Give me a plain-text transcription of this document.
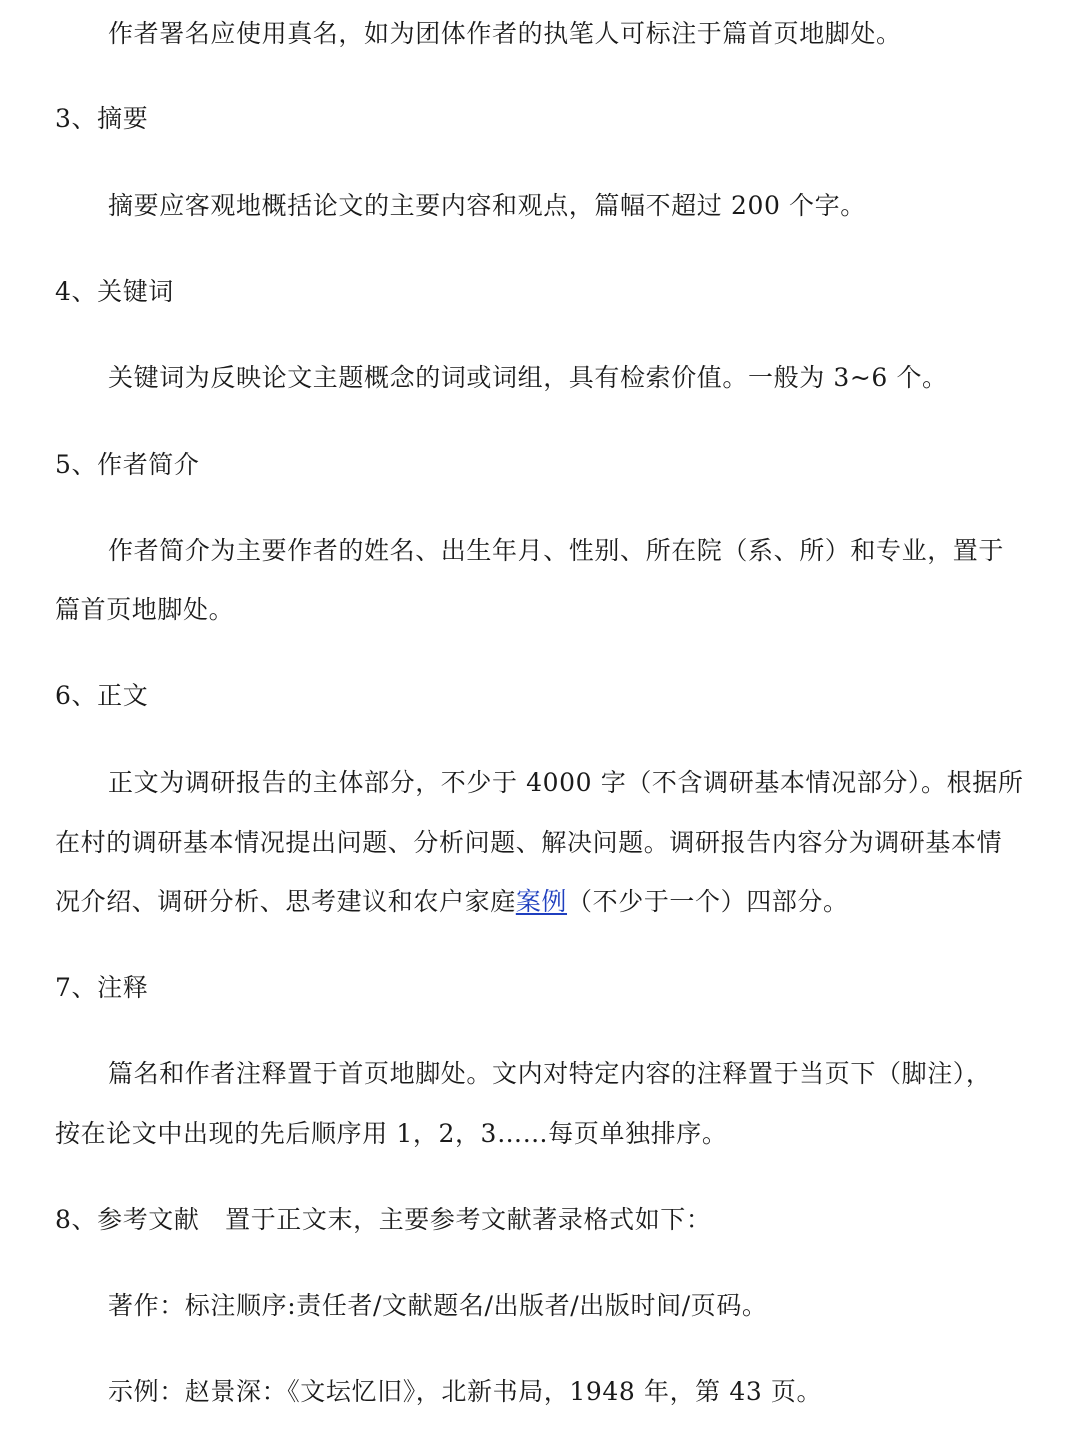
作者署名应使用真名，如为团体作者的执笔人可标注于篇首页地脚处。
3、摘要
摘要应客观地概括论文的主要内容和观点，篇幅不超过 200 个字。
4、关键词
关键词为反映论文主题概念的词或词组，具有检索价值。一般为 3~6 个。
5、作者简介
作者简介为主要作者的姓名、出生年月、性别、所在院（系、所）和专业，置于
篇首页地脚处。
6、正文
正文为调研报告的主体部分，不少于 4000 字（不含调研基本情况部分）。根据所
在村的调研基本情况提出问题、分析问题、解决问题。调研报告内容分为调研基本情
况介绍、调研分析、思考建议和农户家庭案例（不少于一个）四部分。
7、注释
篇名和作者注释置于首页地脚处。文内对特定内容的注释置于当页下（脚注），
按在论文中出现的先后顺序用 1，2，3……每页单独排序。
8、参考文献　置于正文末，主要参考文献著录格式如下：
著作：标注顺序:责任者/文献题名/出版者/出版时间/页码。
示例：赵景深：《文坛忆旧》，北新书局，1948 年，第 43 页。
